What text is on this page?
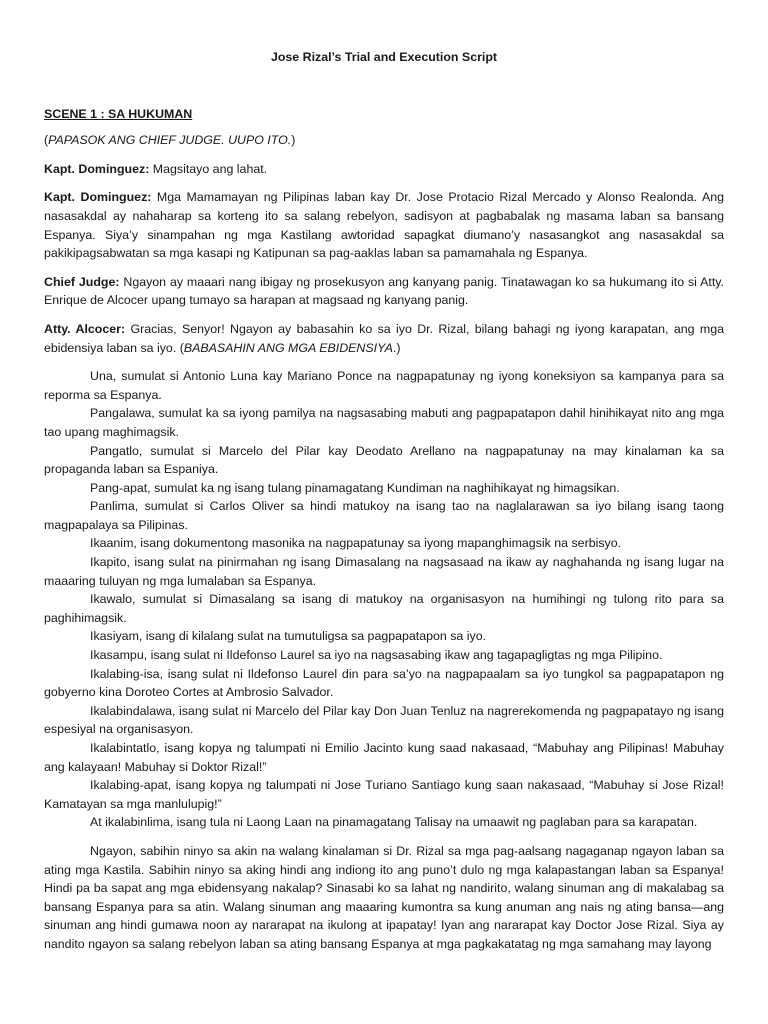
Jose Rizal’s Trial and Execution Script
SCENE 1 : SA HUKUMAN

(PAPASOK ANG CHIEF JUDGE. UUPO ITO.)

Kapt. Dominguez: Magsitayo ang lahat.

Kapt. Dominguez: Mga Mamamayan ng Pilipinas laban kay Dr. Jose Protacio Rizal Mercado y Alonso Realonda. Ang nasasakdal ay nahaharap sa korteng ito sa salang rebelyon, sadisyon at pagbabalak ng masama laban sa bansang Espanya. Siya’y sinampahan ng mga Kastilang awtoridad sapagkat diumano’y nasasangkot ang nasasakdal sa pakikipagsabwatan sa mga kasapi ng Katipunan sa pag-aaklas laban sa pamamahala ng Espanya.

Chief Judge: Ngayon ay maaari nang ibigay ng prosekusyon ang kanyang panig. Tinatawagan ko sa hukumang ito si Atty. Enrique de Alcocer upang tumayo sa harapan at magsaad ng kanyang panig.

Atty. Alcocer: Gracias, Senyor! Ngayon ay babasahin ko sa iyo Dr. Rizal, bilang bahagi ng iyong karapatan, ang mga ebidensiya laban sa iyo. (BABASAHIN ANG MGA EBIDENSIYA.)

Una, sumulat si Antonio Luna kay Mariano Ponce na nagpapatunay ng iyong koneksiyon sa kampanya para sa reporma sa Espanya.
Pangalawa, sumulat ka sa iyong pamilya na nagsasabing mabuti ang pagpapatapon dahil hinihikayat nito ang mga tao upang maghimagsik.
Pangatlo, sumulat si Marcelo del Pilar kay Deodato Arellano na nagpapatunay na may kinalaman ka sa propaganda laban sa Espaniya.
Pang-apat, sumulat ka ng isang tulang pinamagatang Kundiman na naghihikayat ng himagsikan.
Panlima, sumulat si Carlos Oliver sa hindi matukoy na isang tao na naglalarawan sa iyo bilang isang taong magpapalaya sa Pilipinas.
Ikaanim, isang dokumentong masonika na nagpapatunay sa iyong mapanghimagsik na serbisyo.
Ikapito, isang sulat na pinirmahan ng isang Dimasalang na nagsasaad na ikaw ay naghahanda ng isang lugar na maaaring tuluyan ng mga lumalaban sa Espanya.
Ikawalo, sumulat si Dimasalang sa isang di matukoy na organisasyon na humihingi ng tulong rito para sa paghihimagsik.
Ikasiyam, isang di kilalang sulat na tumutuligsa sa pagpapatapon sa iyo.
Ikasampu, isang sulat ni Ildefonso Laurel sa iyo na nagsasabing ikaw ang tagapagligtas ng mga Pilipino.
Ikalabing-isa, isang sulat ni Ildefonso Laurel din para sa’yo na nagpapaalam sa iyo tungkol sa pagpapatapon ng gobyerno kina Doroteo Cortes at Ambrosio Salvador.
Ikalabindalawa, isang sulat ni Marcelo del Pilar kay Don Juan Tenluz na nagrerekomenda ng pagpapatayo ng isang espesiyal na organisasyon.
Ikalabintatlo, isang kopya ng talumpati ni Emilio Jacinto kung saad nakasaad, “Mabuhay ang Pilipinas! Mabuhay ang kalayaan! Mabuhay si Doktor Rizal!”
Ikalabing-apat, isang kopya ng talumpati ni Jose Turiano Santiago kung saan nakasaad, “Mabuhay si Jose Rizal! Kamatayan sa mga manlulupig!”
At ikalabinlima, isang tula ni Laong Laan na pinamagatang Talisay na umaawit ng paglaban para sa karapatan.

Ngayon, sabihin ninyo sa akin na walang kinalaman si Dr. Rizal sa mga pag-aalsang nagaganap ngayon laban sa ating mga Kastila. Sabihin ninyo sa aking hindi ang indiong ito ang puno’t dulo ng mga kalapastangan laban sa Espanya! Hindi pa ba sapat ang mga ebidensyang nakalap? Sinasabi ko sa lahat ng nandirito, walang sinuman ang di makalabag sa bansang Espanya para sa atin. Walang sinuman ang maaaring kumontra sa kung anuman ang nais ng ating bansa—ang sinuman ang hindi gumawa noon ay nararapat na ikulong at ipapatay! Iyan ang nararapat kay Doctor Jose Rizal. Siya ay nandito ngayon sa salang rebelyon laban sa ating bansang Espanya at mga pagkakatatag ng mga samahang may layong
